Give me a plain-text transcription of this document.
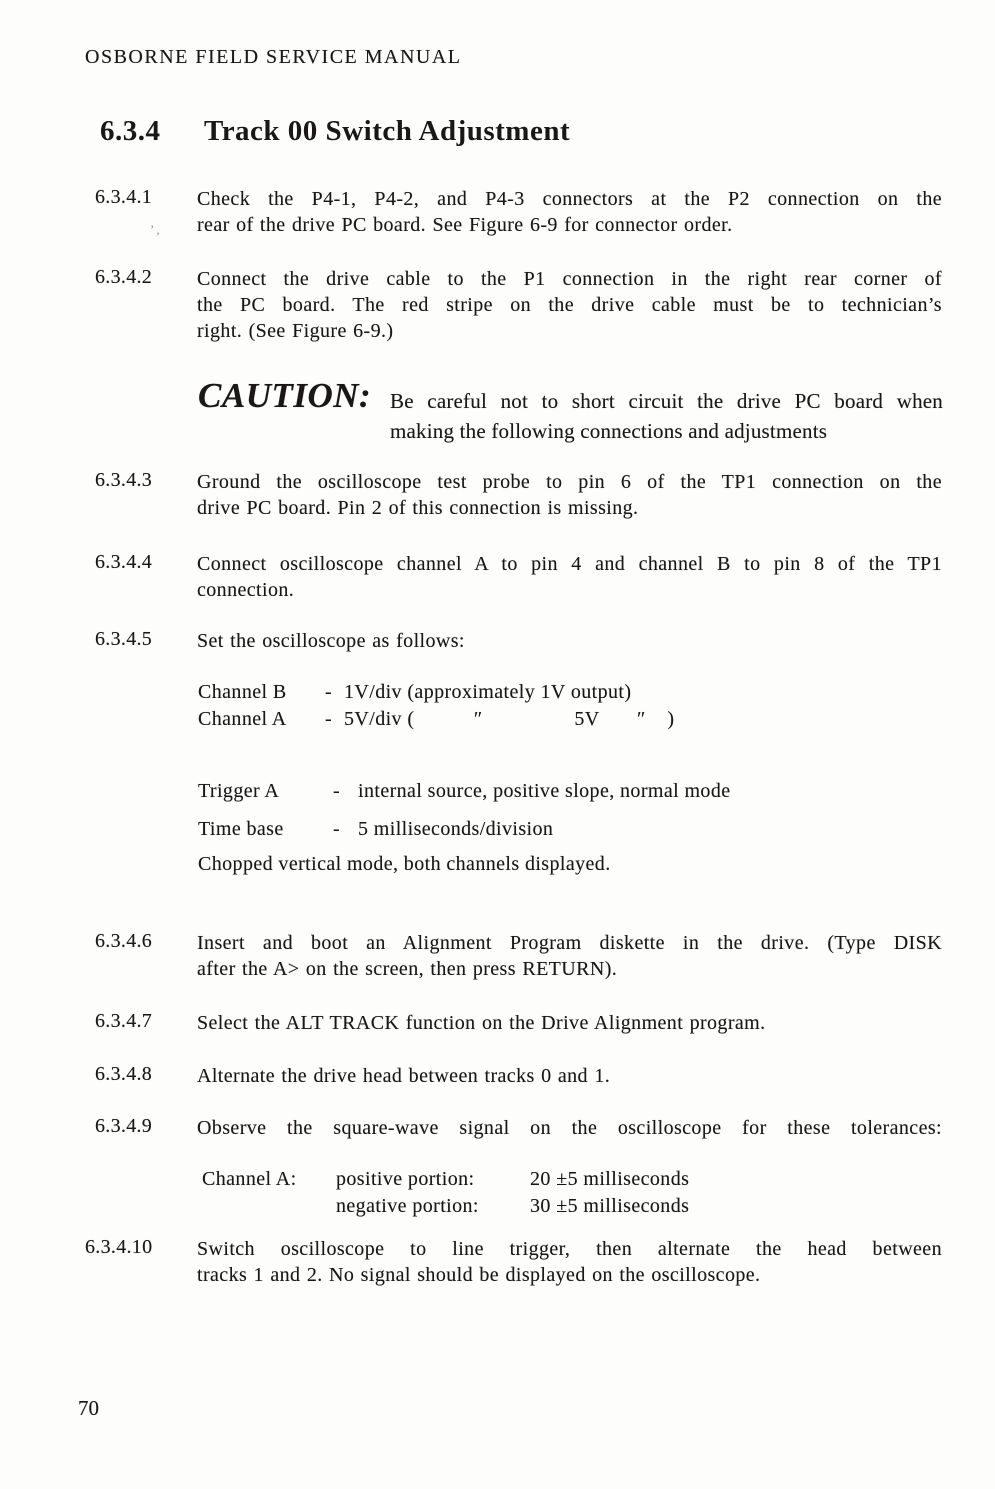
OSBORNE FIELD SERVICE MANUAL
6.3.4 Track 00 Switch Adjustment
’,
6.3.4.1 Check the P4-1, P4-2, and P4-3 connectors at the P2 connection on the
rear of the drive PC board. See Figure 6-9 for connector order.
6.3.4.2 Connect the drive cable to the P1 connection in the right rear corner of
the PC board. The red stripe on the drive cable must be to technician’s
right. (See Figure 6-9.)
CAUTION: Be careful not to short circuit the drive PC board when
making the following connections and adjustments
6.3.4.3 Ground the oscilloscope test probe to pin 6 of the TP1 connection on the
drive PC board. Pin 2 of this connection is missing.
6.3.4.4 Connect oscilloscope channel A to pin 4 and channel B to pin 8 of the TP1
connection.
6.3.4.5 Set the oscilloscope as follows:
Channel B - 1V/div (approximately 1V output)
Channel A - 5V/div (           ″                 5V       ″    )
Trigger A	- internal source, positive slope, normal mode
Time base - 5 milliseconds/division
Chopped vertical mode, both channels displayed.
6.3.4.6 Insert and boot an Alignment Program diskette in the drive. (Type DISK
after the A> on the screen, then press RETURN).
6.3.4.7 Select the ALT TRACK function on the Drive Alignment program.
6.3.4.8 Alternate the drive head between tracks 0 and 1.
6.3.4.9 Observe the square-wave signal on the oscilloscope for these tolerances:
Channel A: positive portion:	20 ±5 milliseconds
negative portion:	30 ±5 milliseconds
6.3.4.10 Switch oscilloscope to line trigger, then alternate the head between
tracks 1 and 2. No signal should be displayed on the oscilloscope.
70
